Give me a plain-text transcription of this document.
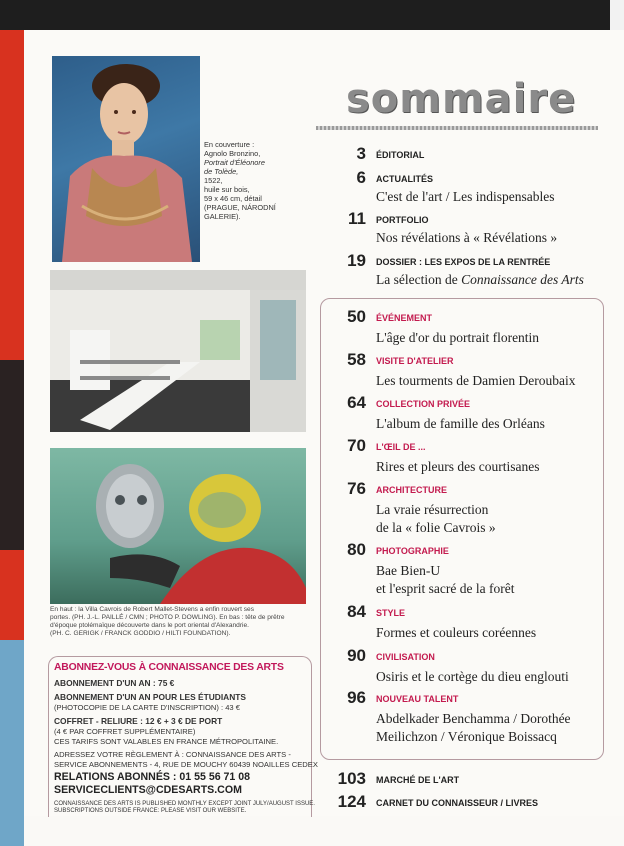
En couverture :
Agnolo Bronzino,
Portrait d'Éléonore
de Tolède,
1522,
huile sur bois,
59 x 46 cm, détail
(PRAGUE, NÁRODNÍ GALERIE).
En haut : la Villa Cavrois de Robert Mallet-Stevens a enfin rouvert ses
portes. (PH. J.-L. PAILLÉ / CMN ; PHOTO P. DOWLING). En bas : tête de prêtre
d'époque ptolémaïque découverte dans le port oriental d'Alexandrie.
(PH. C. GERIGK / FRANCK GODDIO / HILTI FOUNDATION).
ABONNEZ-VOUS À CONNAISSANCE DES ARTS
ABONNEMENT D'UN AN : 75 €
ABONNEMENT D'UN AN POUR LES ÉTUDIANTS
(PHOTOCOPIE DE LA CARTE D'INSCRIPTION) : 43 €
COFFRET - RELIURE : 12 € + 3 € DE PORT
(4 € PAR COFFRET SUPPLÉMENTAIRE)
CES TARIFS SONT VALABLES EN FRANCE MÉTROPOLITAINE.
ADRESSEZ VOTRE RÈGLEMENT À : CONNAISSANCE DES ARTS -
SERVICE ABONNEMENTS - 4, RUE DE MOUCHY 60439 NOAILLES CEDEX
RELATIONS ABONNÉS : 01 55 56 71 08
SERVICECLIENTS@CDESARTS.COM
CONNAISSANCE DES ARTS IS PUBLISHED MONTHLY EXCEPT JOINT JULY/AUGUST ISSUE.
SUBSCRIPTIONS OUTSIDE FRANCE: PLEASE VISIT OUR WEBSITE.
sommaire
3 ÉDITORIAL
6 ACTUALITÉS
C'est de l'art / Les indispensables
11 PORTFOLIO
Nos révélations à « Révélations »
19 DOSSIER : LES EXPOS DE LA RENTRÉE
La sélection de Connaissance des Arts
50 ÉVÉNEMENT
L'âge d'or du portrait florentin
58 VISITE D'ATELIER
Les tourments de Damien Deroubaix
64 COLLECTION PRIVÉE
L'album de famille des Orléans
70 L'ŒIL DE ...
Rires et pleurs des courtisanes
76 ARCHITECTURE
La vraie résurrection
de la « folie Cavrois »
80 PHOTOGRAPHIE
Bae Bien-U
et l'esprit sacré de la forêt
84 STYLE
Formes et couleurs coréennes
90 CIVILISATION
Osiris et le cortège du dieu englouti
96 NOUVEAU TALENT
Abdelkader Benchamma / Dorothée
Meilichzon / Véronique Boissacq
103 MARCHÉ DE L'ART
124 CARNET DU CONNAISSEUR / LIVRES
